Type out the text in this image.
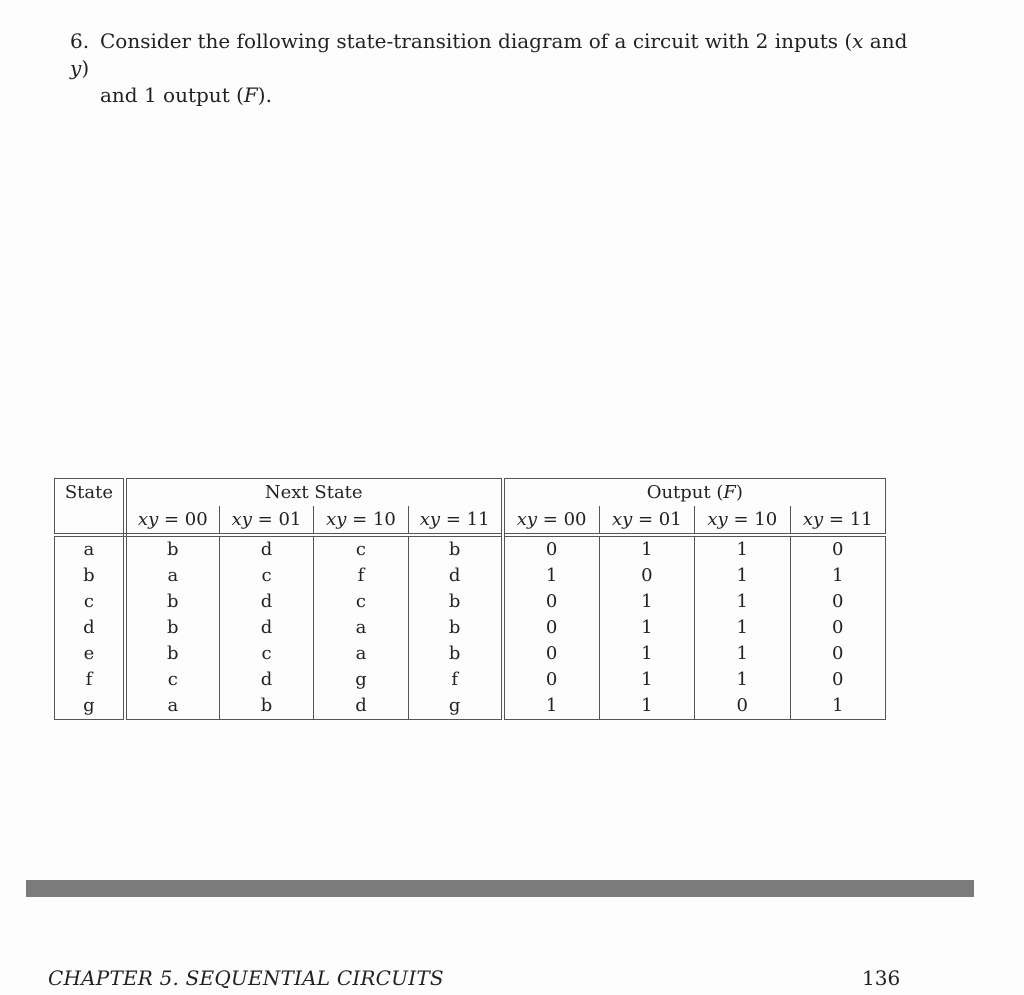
6. Consider the following state-transition diagram of a circuit with 2 inputs (x and y)
and 1 output (F).
State	Next State				Output (F)			
	xy = 00	xy = 01	xy = 10	xy = 11	xy = 00	xy = 01	xy = 10	xy = 11
a	b	d	c	b	0	1	1	0
b	a	c	f	d	1	0	1	1
c	b	d	c	b	0	1	1	0
d	b	d	a	b	0	1	1	0
e	b	c	a	b	0	1	1	0
f	c	d	g	f	0	1	1	0
g	a	b	d	g	1	1	0	1
CHAPTER 5. SEQUENTIAL CIRCUITS	136
